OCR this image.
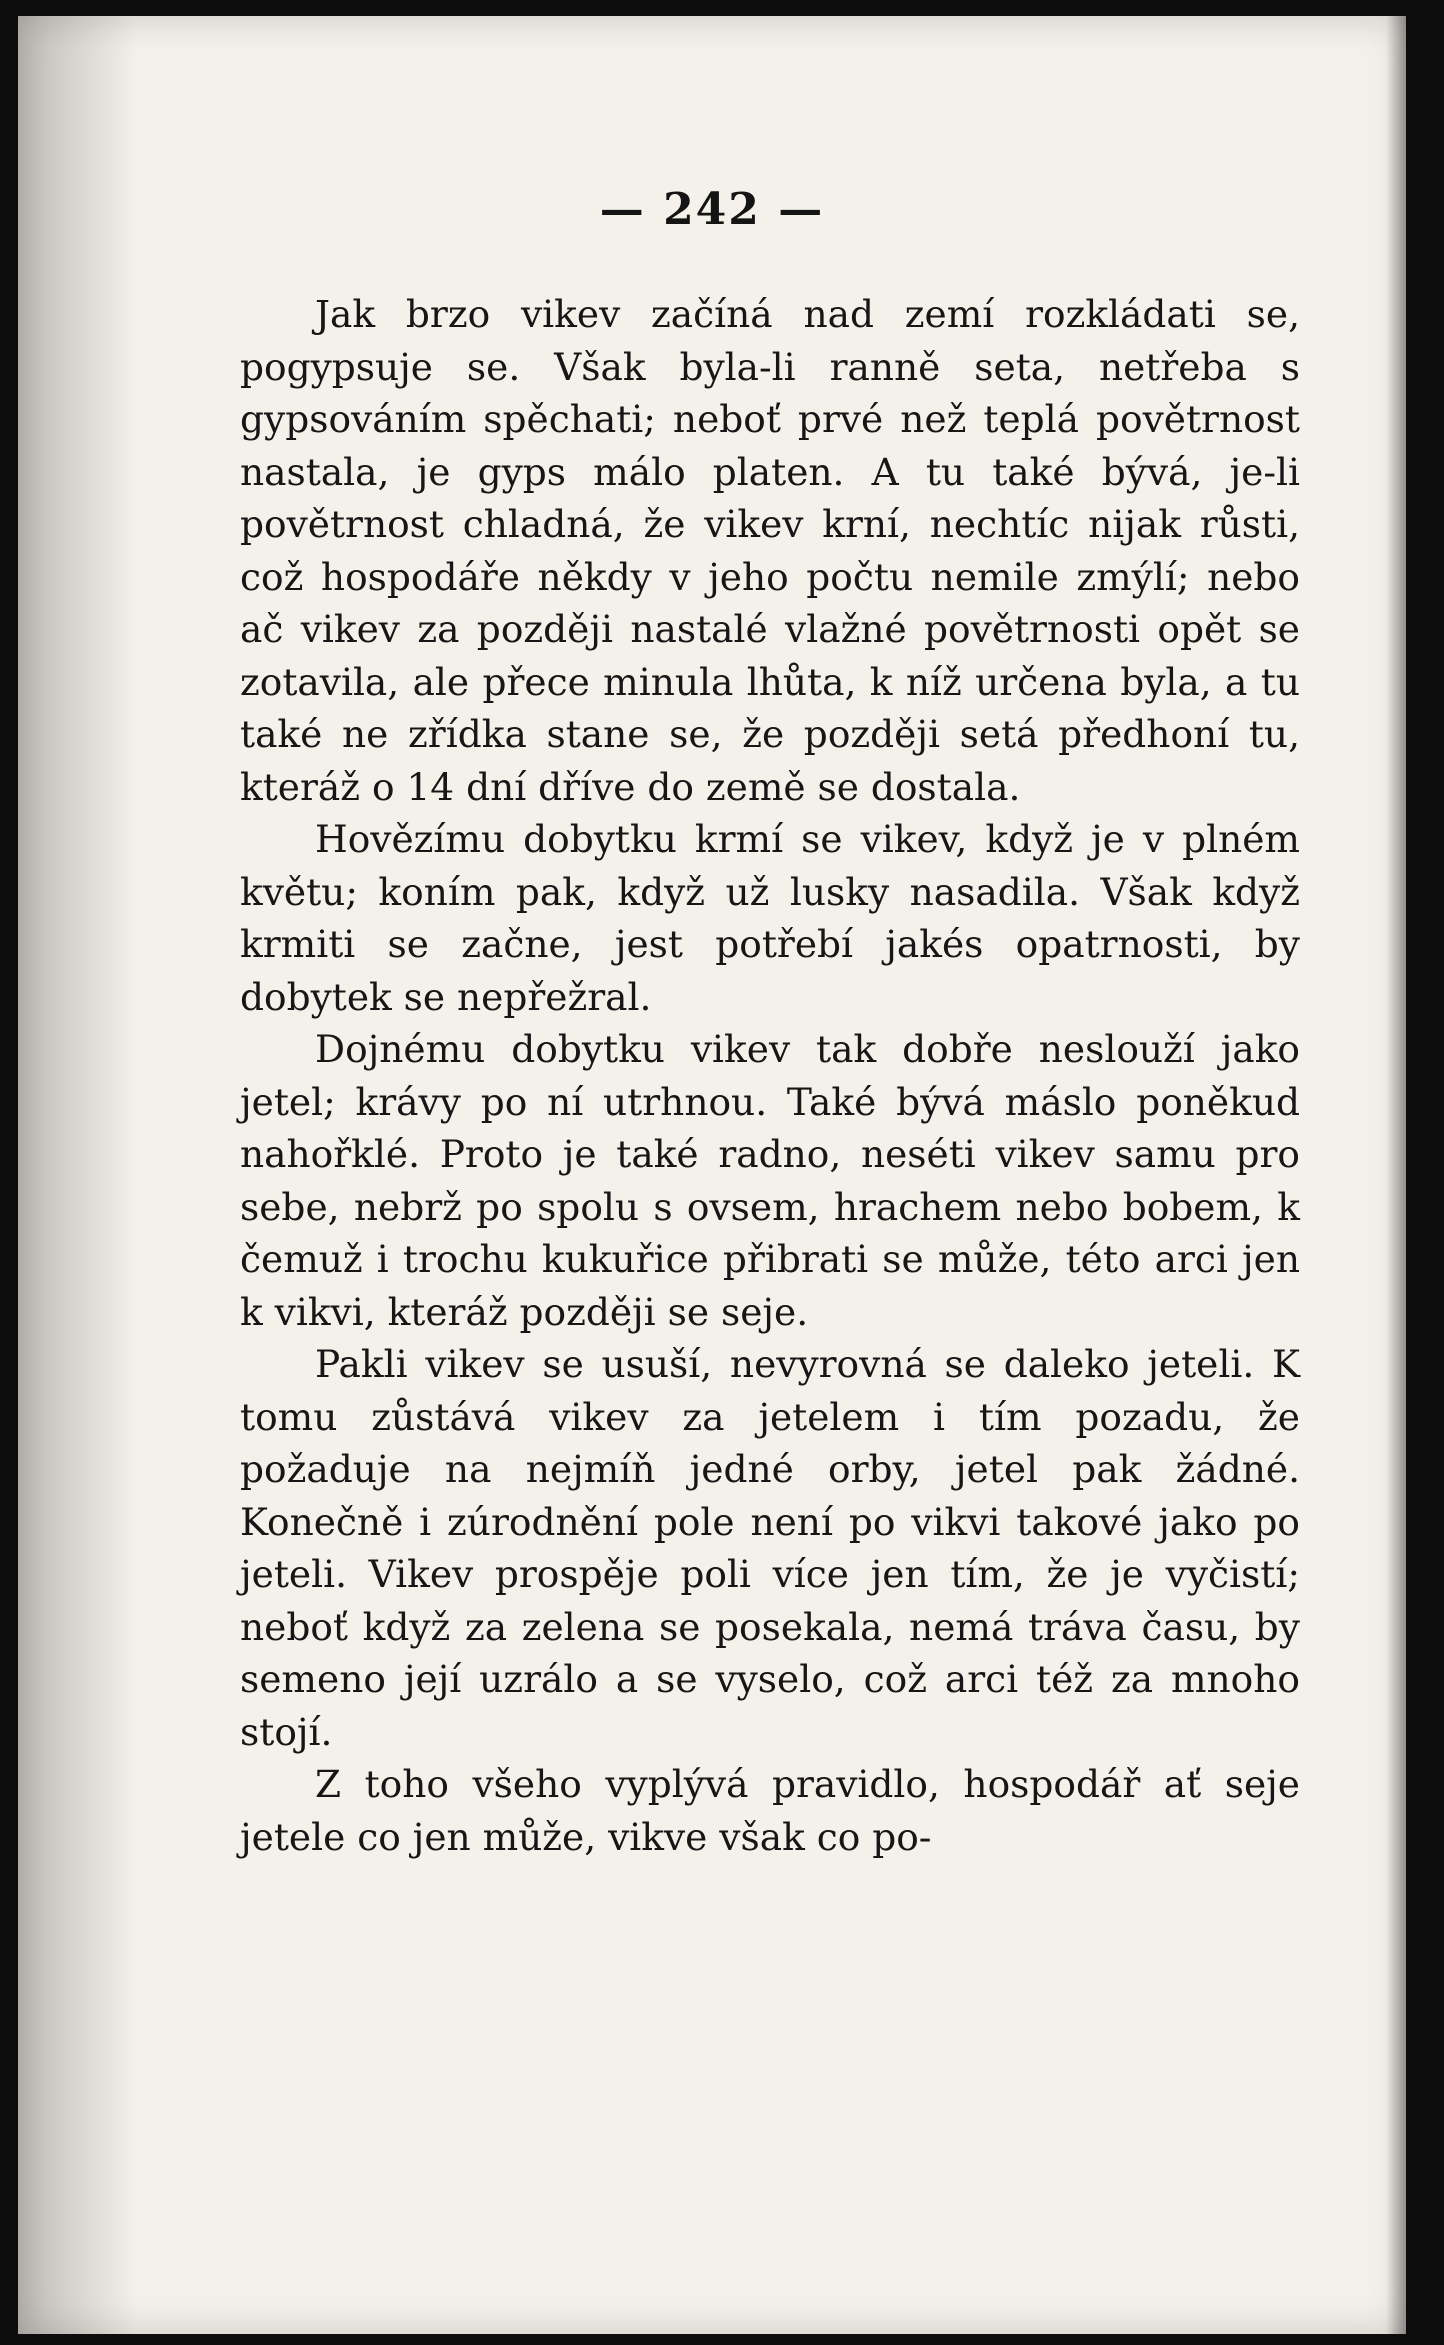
— 242 —

Jak brzo vikev začíná nad zemí rozkládati se, pogypsuje se. Však byla-li ranně seta, netřeba s gypsováním spěchati; neboť prvé než teplá povětrnost nastala, je gyps málo platen. A tu také bývá, je-li povětrnost chladná, že vikev krní, nechtíc nijak růsti, což hospodáře někdy v jeho počtu nemile zmýlí; nebo ač vikev za později nastalé vlažné povětrnosti opět se zotavila, ale přece minula lhůta, k níž určena byla, a tu také ne zřídka stane se, že později setá předhoní tu, kteráž o 14 dní dříve do země se dostala.

Hovězímu dobytku krmí se vikev, když je v plném květu; koním pak, když už lusky nasadila. Však když krmiti se začne, jest potřebí jakés opatrnosti, by dobytek se nepřežral.

Dojnému dobytku vikev tak dobře neslouží jako jetel; krávy po ní utrhnou. Také bývá máslo poněkud nahořklé. Proto je také radno, neséti vikev samu pro sebe, nebrž po spolu s ovsem, hrachem nebo bobem, k čemuž i trochu kukuřice přibrati se může, této arci jen k vikvi, kteráž později se seje.

Pakli vikev se usuší, nevyrovná se daleko jeteli. K tomu zůstává vikev za jetelem i tím pozadu, že požaduje na nejmíň jedné orby, jetel pak žádné. Konečně i zúrodnění pole není po vikvi takové jako po jeteli. Vikev prospěje poli více jen tím, že je vyčistí; neboť když za zelena se posekala, nemá tráva času, by semeno její uzrálo a se vyselo, což arci též za mnoho stojí.

Z toho všeho vyplývá pravidlo, hospodář ať seje jetele co jen může, vikve však co po-
